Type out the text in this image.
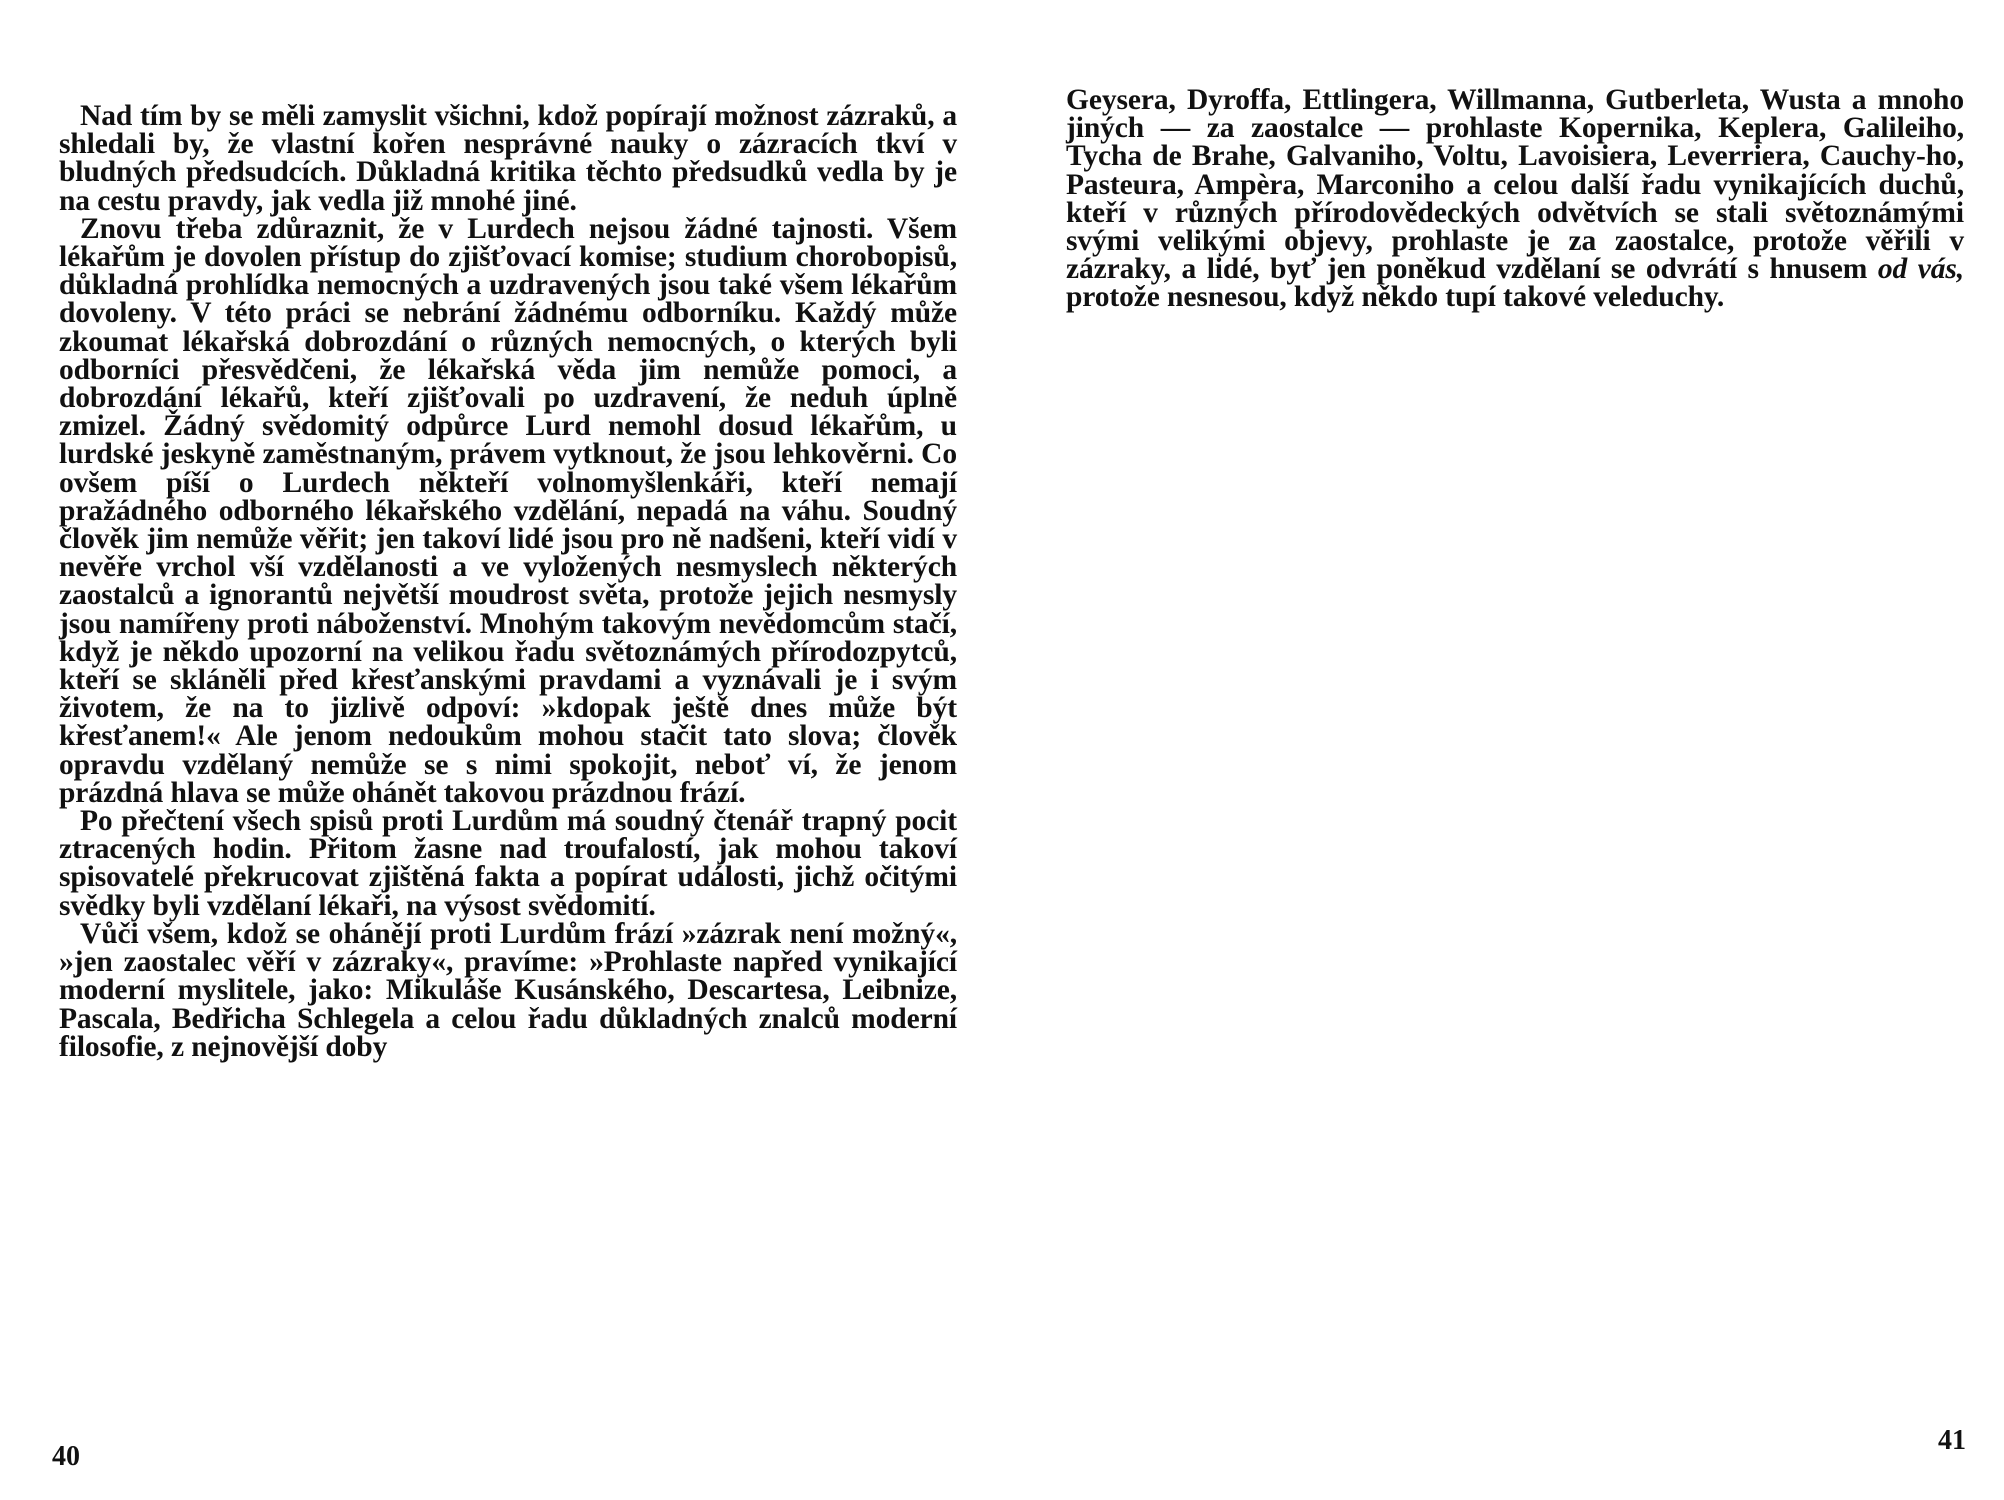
Nad tím by se měli zamyslit všichni, kdož popírají možnost zázraků, a shledali by, že vlastní kořen nesprávné nauky o zázracích tkví v bludných předsudcích. Důkladná kritika těchto předsudků vedla by je na cestu pravdy, jak vedla již mnohé jiné.

Znovu třeba zdůraznit, že v Lurdech nejsou žádné tajnosti. Všem lékařům je dovolen přístup do zjišťovací komise; studium chorobopisů, důkladná prohlídka nemocných a uzdravených jsou také všem lékařům dovoleny. V této práci se nebrání žádnému odborníku. Každý může zkoumat lékařská dobrozdání o různých nemocných, o kterých byli odborníci přesvědčeni, že lékařská věda jim nemůže pomoci, a dobrozdání lékařů, kteří zjišťovali po uzdravení, že neduh úplně zmizel. Žádný svědomitý odpůrce Lurd nemohl dosud lékařům, u lurdské jeskyně zaměstnaným, právem vytknout, že jsou lehkověrni. Co ovšem píší o Lurdech někteří volnomyšlenkáři, kteří nemají pražádného odborného lékařského vzdělání, nepadá na váhu. Soudný člověk jim nemůže věřit; jen takoví lidé jsou pro ně nadšeni, kteří vidí v nevěře vrchol vší vzdělanosti a ve vyložených nesmyslech některých zaostalců a ignorantů největší moudrost světa, protože jejich nesmysly jsou namířeny proti náboženství. Mnohým takovým nevědomcům stačí, když je někdo upozorní na velikou řadu světoznámých přírodozpytců, kteří se skláněli před křesťanskými pravdami a vyznávali je i svým životem, že na to jizlivě odpoví: »kdopak ještě dnes může být křesťanem!« Ale jenom nedoukům mohou stačit tato slova; člověk opravdu vzdělaný nemůže se s nimi spokojit, neboť ví, že jenom prázdná hlava se může ohánět takovou prázdnou frází.

Po přečtení všech spisů proti Lurdům má soudný čtenář trapný pocit ztracených hodin. Přitom žasne nad troufalostí, jak mohou takoví spisovatelé překrucovat zjištěná fakta a popírat události, jichž očitými svědky byli vzdělaní lékaři, na výsost svědomití.

Vůči všem, kdož se ohánějí proti Lurdům frází »zázrak není možný«, »jen zaostalec věří v zázraky«, pravíme: »Prohlaste napřed vynikající moderní myslitele, jako: Mikuláše Kusánského, Descartesa, Leibnize, Pascala, Bedřicha Schlegela a celou řadu důkladných znalců moderní filosofie, z nejnovější doby

40

Geysera, Dyroffa, Ettlingera, Willmanna, Gutberleta, Wusta a mnoho jiných — za zaostalce — prohlaste Kopernika, Keplera, Galileiho, Tycha de Brahe, Galvaniho, Voltu, Lavoisiera, Leverriera, Cauchy-ho, Pasteura, Ampèra, Marconiho a celou další řadu vynikajících duchů, kteří v různých přírodovědeckých odvětvích se stali světoznámými svými velikými objevy, prohlaste je za zaostalce, protože věřili v zázraky, a lidé, byť jen poněkud vzdělaní se odvrátí s hnusem od vás, protože nesnesou, když někdo tupí takové veleduchy.

41
